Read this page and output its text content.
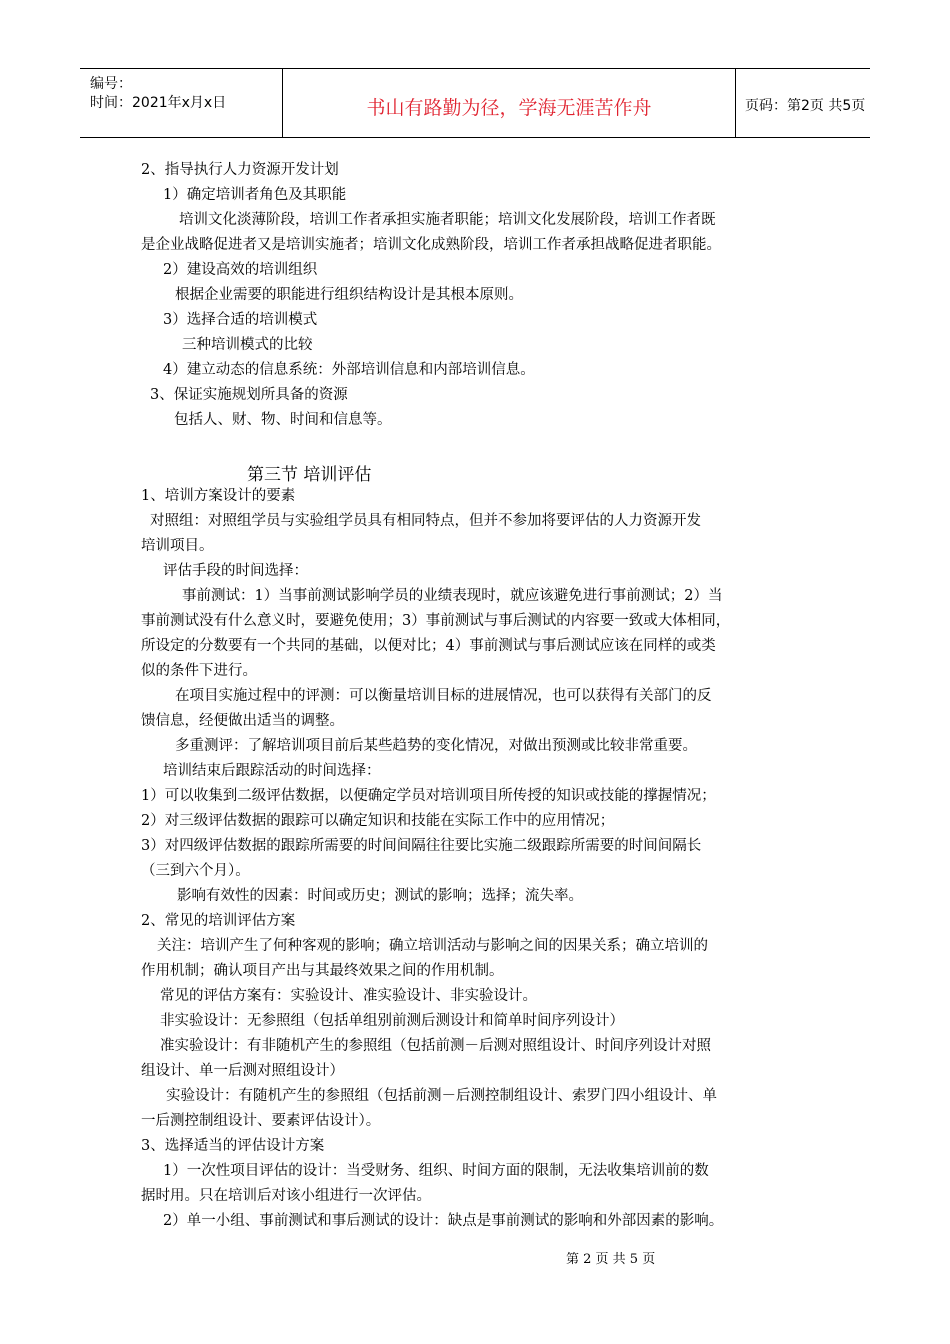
编号：
时间：2021年x月x日	书山有路勤为径，学海无涯苦作舟	页码：第2页 共5页
2、指导执行人力资源开发计划
1）确定培训者角色及其职能
培训文化淡薄阶段，培训工作者承担实施者职能；培训文化发展阶段，培训工作者既
是企业战略促进者又是培训实施者；培训文化成熟阶段，培训工作者承担战略促进者职能。
2）建设高效的培训组织
根据企业需要的职能进行组织结构设计是其根本原则。
3）选择合适的培训模式
三种培训模式的比较
4）建立动态的信息系统：外部培训信息和内部培训信息。
3、保证实施规划所具备的资源
包括人、财、物、时间和信息等。
第三节 培训评估
1、培训方案设计的要素
对照组：对照组学员与实验组学员具有相同特点，但并不参加将要评估的人力资源开发
培训项目。
评估手段的时间选择：
事前测试：1）当事前测试影响学员的业绩表现时，就应该避免进行事前测试；2）当
事前测试没有什么意义时，要避免使用；3）事前测试与事后测试的内容要一致或大体相同，
所设定的分数要有一个共同的基础，以便对比；4）事前测试与事后测试应该在同样的或类
似的条件下进行。
在项目实施过程中的评测：可以衡量培训目标的进展情况，也可以获得有关部门的反
馈信息，经便做出适当的调整。
多重测评：了解培训项目前后某些趋势的变化情况，对做出预测或比较非常重要。
培训结束后跟踪活动的时间选择：
1）可以收集到二级评估数据，以便确定学员对培训项目所传授的知识或技能的撑握情况；
2）对三级评估数据的跟踪可以确定知识和技能在实际工作中的应用情况；
3）对四级评估数据的跟踪所需要的时间间隔往往要比实施二级跟踪所需要的时间间隔长
（三到六个月）。
影响有效性的因素：时间或历史；测试的影响；选择；流失率。
2、常见的培训评估方案
关注：培训产生了何种客观的影响；确立培训活动与影响之间的因果关系；确立培训的
作用机制；确认项目产出与其最终效果之间的作用机制。
常见的评估方案有：实验设计、准实验设计、非实验设计。
非实验设计：无参照组（包括单组别前测后测设计和简单时间序列设计）
准实验设计：有非随机产生的参照组（包括前测－后测对照组设计、时间序列设计对照
组设计、单一后测对照组设计）
实验设计：有随机产生的参照组（包括前测－后测控制组设计、索罗门四小组设计、单
一后测控制组设计、要素评估设计）。
3、选择适当的评估设计方案
1）一次性项目评估的设计：当受财务、组织、时间方面的限制，无法收集培训前的数
据时用。只在培训后对该小组进行一次评估。
2）单一小组、事前测试和事后测试的设计：缺点是事前测试的影响和外部因素的影响。
第 2 页 共 5 页
